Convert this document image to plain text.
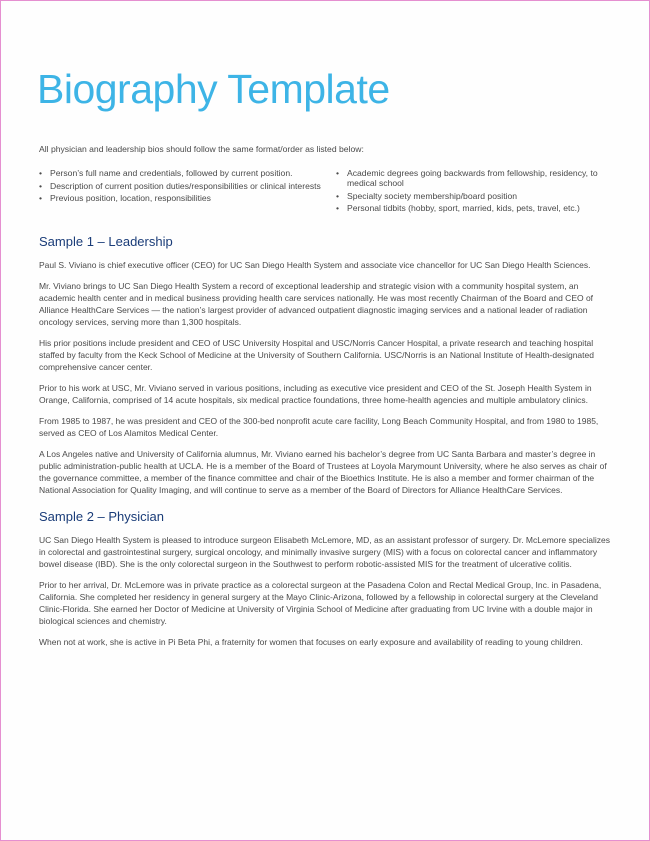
Biography Template

All physician and leadership bios should follow the same format/order as listed below:

• Person’s full name and credentials, followed by current position.
• Description of current position duties/responsibilities or clinical interests
• Previous position, location, responsibilities
• Academic degrees going backwards from fellowship, residency, to medical school
• Specialty society membership/board position
• Personal tidbits (hobby, sport, married, kids, pets, travel, etc.)
Sample 1 – Leadership

Paul S. Viviano is chief executive officer (CEO) for UC San Diego Health System and associate vice chancellor for UC San Diego Health Sciences.

Mr. Viviano brings to UC San Diego Health System a record of exceptional leadership and strategic vision with a community hospital system, an academic health center and in medical business providing health care services nationally. He was most recently Chairman of the Board and CEO of Alliance HealthCare Services — the nation’s largest provider of advanced outpatient diagnostic imaging services and a national leader of radiation oncology services, serving more than 1,300 hospitals.

His prior positions include president and CEO of USC University Hospital and USC/Norris Cancer Hospital, a private research and teaching hospital staffed by faculty from the Keck School of Medicine at the University of Southern California. USC/Norris is an National Institute of Health-designated comprehensive cancer center.

Prior to his work at USC, Mr. Viviano served in various positions, including as executive vice president and CEO of the St. Joseph Health System in Orange, California, comprised of 14 acute hospitals, six medical practice foundations, three home-health agencies and multiple ambulatory clinics.

From 1985 to 1987, he was president and CEO of the 300-bed nonprofit acute care facility, Long Beach Community Hospital, and from 1980 to 1985, served as CEO of Los Alamitos Medical Center.

A Los Angeles native and University of California alumnus, Mr. Viviano earned his bachelor’s degree from UC Santa Barbara and master’s degree in public administration-public health at UCLA. He is a member of the Board of Trustees at Loyola Marymount University, where he also serves as chair of the governance committee, a member of the finance committee and chair of the Bioethics Institute. He is also a member and former chairman of the National Association for Quality Imaging, and will continue to serve as a member of the Board of Directors for Alliance HealthCare Services.

Sample 2 – Physician

UC San Diego Health System is pleased to introduce surgeon Elisabeth McLemore, MD, as an assistant professor of surgery. Dr. McLemore specializes in colorectal and gastrointestinal surgery, surgical oncology, and minimally invasive surgery (MIS) with a focus on colorectal cancer and inflammatory bowel disease (IBD). She is the only colorectal surgeon in the Southwest to perform robotic-assisted MIS for the treatment of ulcerative colitis.

Prior to her arrival, Dr. McLemore was in private practice as a colorectal surgeon at the Pasadena Colon and Rectal Medical Group, Inc. in Pasadena, California. She completed her residency in general surgery at the Mayo Clinic-Arizona, followed by a fellowship in colorectal surgery at the Cleveland Clinic-Florida. She earned her Doctor of Medicine at University of Virginia School of Medicine after graduating from UC Irvine with a double major in biological sciences and chemistry.

When not at work, she is active in Pi Beta Phi, a fraternity for women that focuses on early exposure and availability of reading to young children.
